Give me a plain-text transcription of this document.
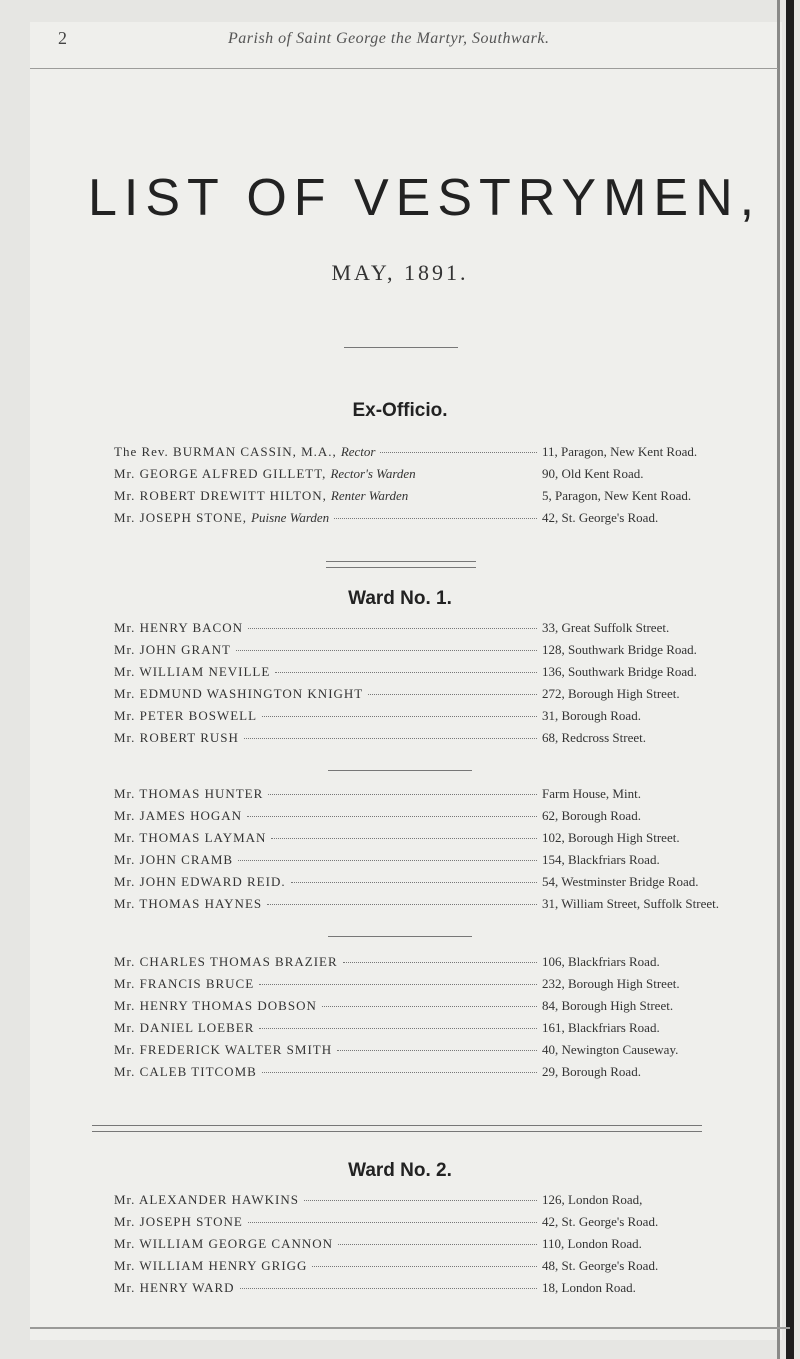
2	Parish of Saint George the Martyr, Southwark.
LIST OF VESTRYMEN,
MAY, 1891.
Ex-Officio.
The Rev. BURMAN CASSIN, M.A., Rector	11, Paragon, New Kent Road.
Mr. GEORGE ALFRED GILLETT, Rector's Warden	90, Old Kent Road.
Mr. ROBERT DREWITT HILTON, Renter Warden	5, Paragon, New Kent Road.
Mr. JOSEPH STONE, Puisne Warden	42, St. George's Road.
Ward No. 1.
Mr. HENRY BACON	33, Great Suffolk Street.
Mr. JOHN GRANT	128, Southwark Bridge Road.
Mr. WILLIAM NEVILLE	136, Southwark Bridge Road.
Mr. EDMUND WASHINGTON KNIGHT	272, Borough High Street.
Mr. PETER BOSWELL	31, Borough Road.
Mr. ROBERT RUSH	68, Redcross Street.
Mr. THOMAS HUNTER	Farm House, Mint.
Mr. JAMES HOGAN	62, Borough Road.
Mr. THOMAS LAYMAN	102, Borough High Street.
Mr. JOHN CRAMB	154, Blackfriars Road.
Mr. JOHN EDWARD REID.	54, Westminster Bridge Road.
Mr. THOMAS HAYNES	31, William Street, Suffolk Street.
Mr. CHARLES THOMAS BRAZIER	106, Blackfriars Road.
Mr. FRANCIS BRUCE	232, Borough High Street.
Mr. HENRY THOMAS DOBSON	84, Borough High Street.
Mr. DANIEL LOEBER	161, Blackfriars Road.
Mr. FREDERICK WALTER SMITH	40, Newington Causeway.
Mr. CALEB TITCOMB	29, Borough Road.
Ward No. 2.
Mr. ALEXANDER HAWKINS	126, London Road,
Mr. JOSEPH STONE	42, St. George's Road.
Mr. WILLIAM GEORGE CANNON	110, London Road.
Mr. WILLIAM HENRY GRIGG	48, St. George's Road.
Mr. HENRY WARD	18, London Road.
